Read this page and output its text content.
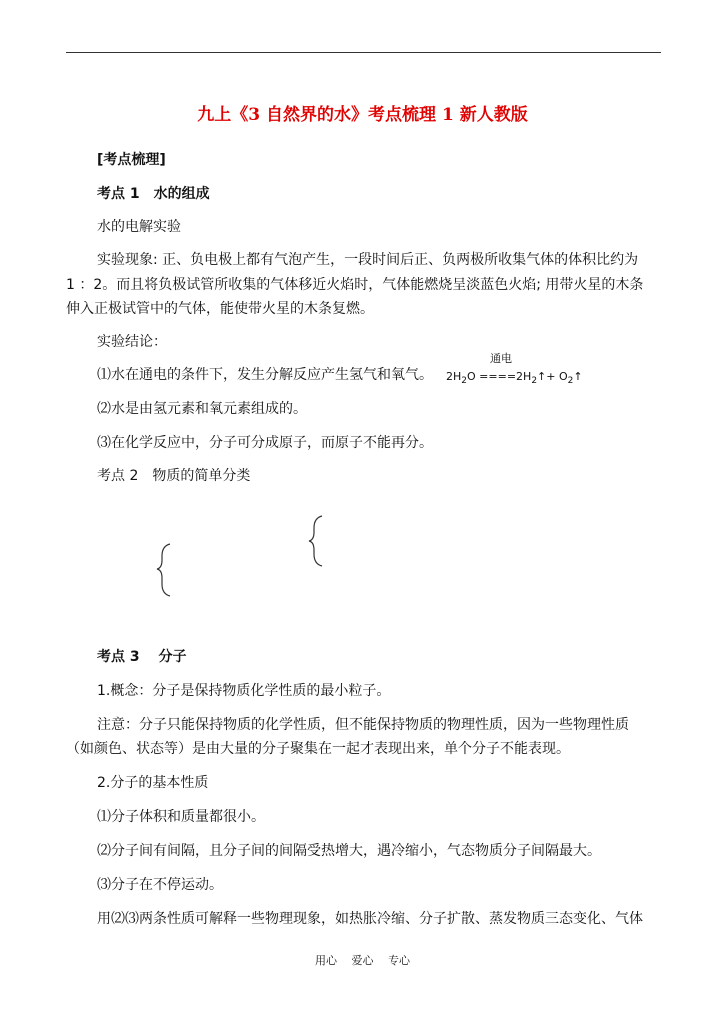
九上《3 自然界的水》考点梳理 1 新人教版
[考点梳理]
考点 1　水的组成
水的电解实验
实验现象: 正、负电极上都有气泡产生，一段时间后正、负两极所收集气体的体积比约为
1 ：2。而且将负极试管所收集的气体移近火焰时，气体能燃烧呈淡蓝色火焰; 用带火星的木条
伸入正极试管中的气体，能使带火星的木条复燃。
实验结论：
⑴水在通电的条件下，发生分解反应产生氢气和氧气。
通电
$2H_2O$ $====2H_2↑+$ $O_2↑$
⑵水是由氢元素和氧元素组成的。
⑶在化学反应中，分子可分成原子，而原子不能再分。
考点 2　物质的简单分类
考点 3　 分子
1.概念：分子是保持物质化学性质的最小粒子。
注意：分子只能保持物质的化学性质，但不能保持物质的物理性质，因为一些物理性质
（如颜色、状态等）是由大量的分子聚集在一起才表现出来，单个分子不能表现。
2.分子的基本性质
⑴分子体积和质量都很小。
⑵分子间有间隔，且分子间的间隔受热增大，遇冷缩小，气态物质分子间隔最大。
⑶分子在不停运动。
用⑵⑶两条性质可解释一些物理现象，如热胀冷缩、分子扩散、蒸发物质三态变化、气体
用心　 爱心　 专心
